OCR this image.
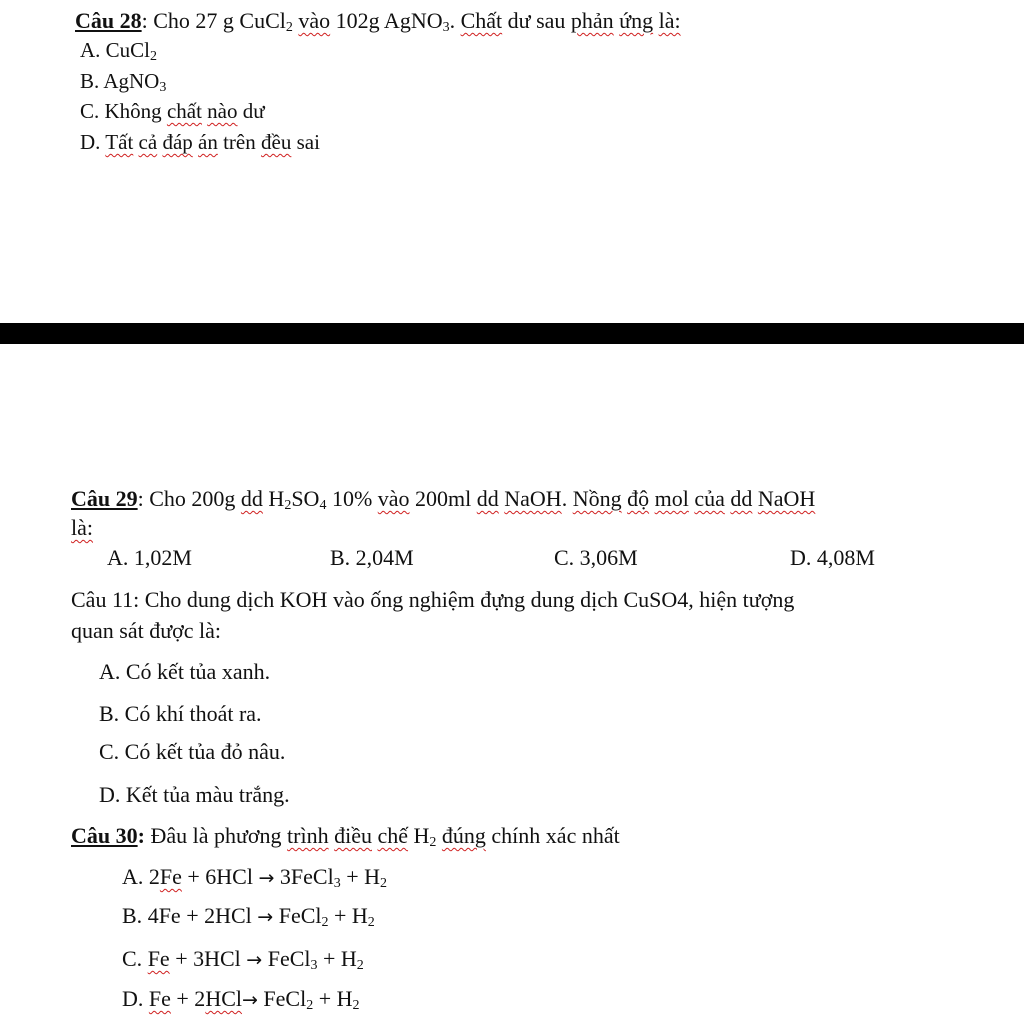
Câu 28: Cho 27 g CuCl$_2$ vào 102g AgNO$_3$. Chất dư sau phản ứng là:
A. CuCl$_2$
B. AgNO$_3$
C. Không chất nào dư
D. Tất cả đáp án trên đều sai
Câu 29: Cho 200g dd $H_2SO_4$ 10% vào 200ml dd NaOH. Nồng độ mol của dd NaOH
là:
A. 1,02M	B. 2,04M	C. 3,06M	D. 4,08M
Câu 11: Cho dung dịch KOH vào ống nghiệm đựng dung dịch CuSO4, hiện tượng
quan sát được là:
A. Có kết tủa xanh.
B. Có khí thoát ra.
C. Có kết tủa đỏ nâu.
D. Kết tủa màu trắng.
Câu 30: Đâu là phương trình điều chế $H_2$ đúng chính xác nhất
A. 2Fe + 6HCl → 3FeCl$_3$ + $H_2$
B. 4Fe + 2HCl → FeCl$_2$ + $H_2$
C. Fe + 3HCl → FeCl$_3$ + $H_2$
D. Fe + 2HCl→ FeCl$_2$ + $H_2$
